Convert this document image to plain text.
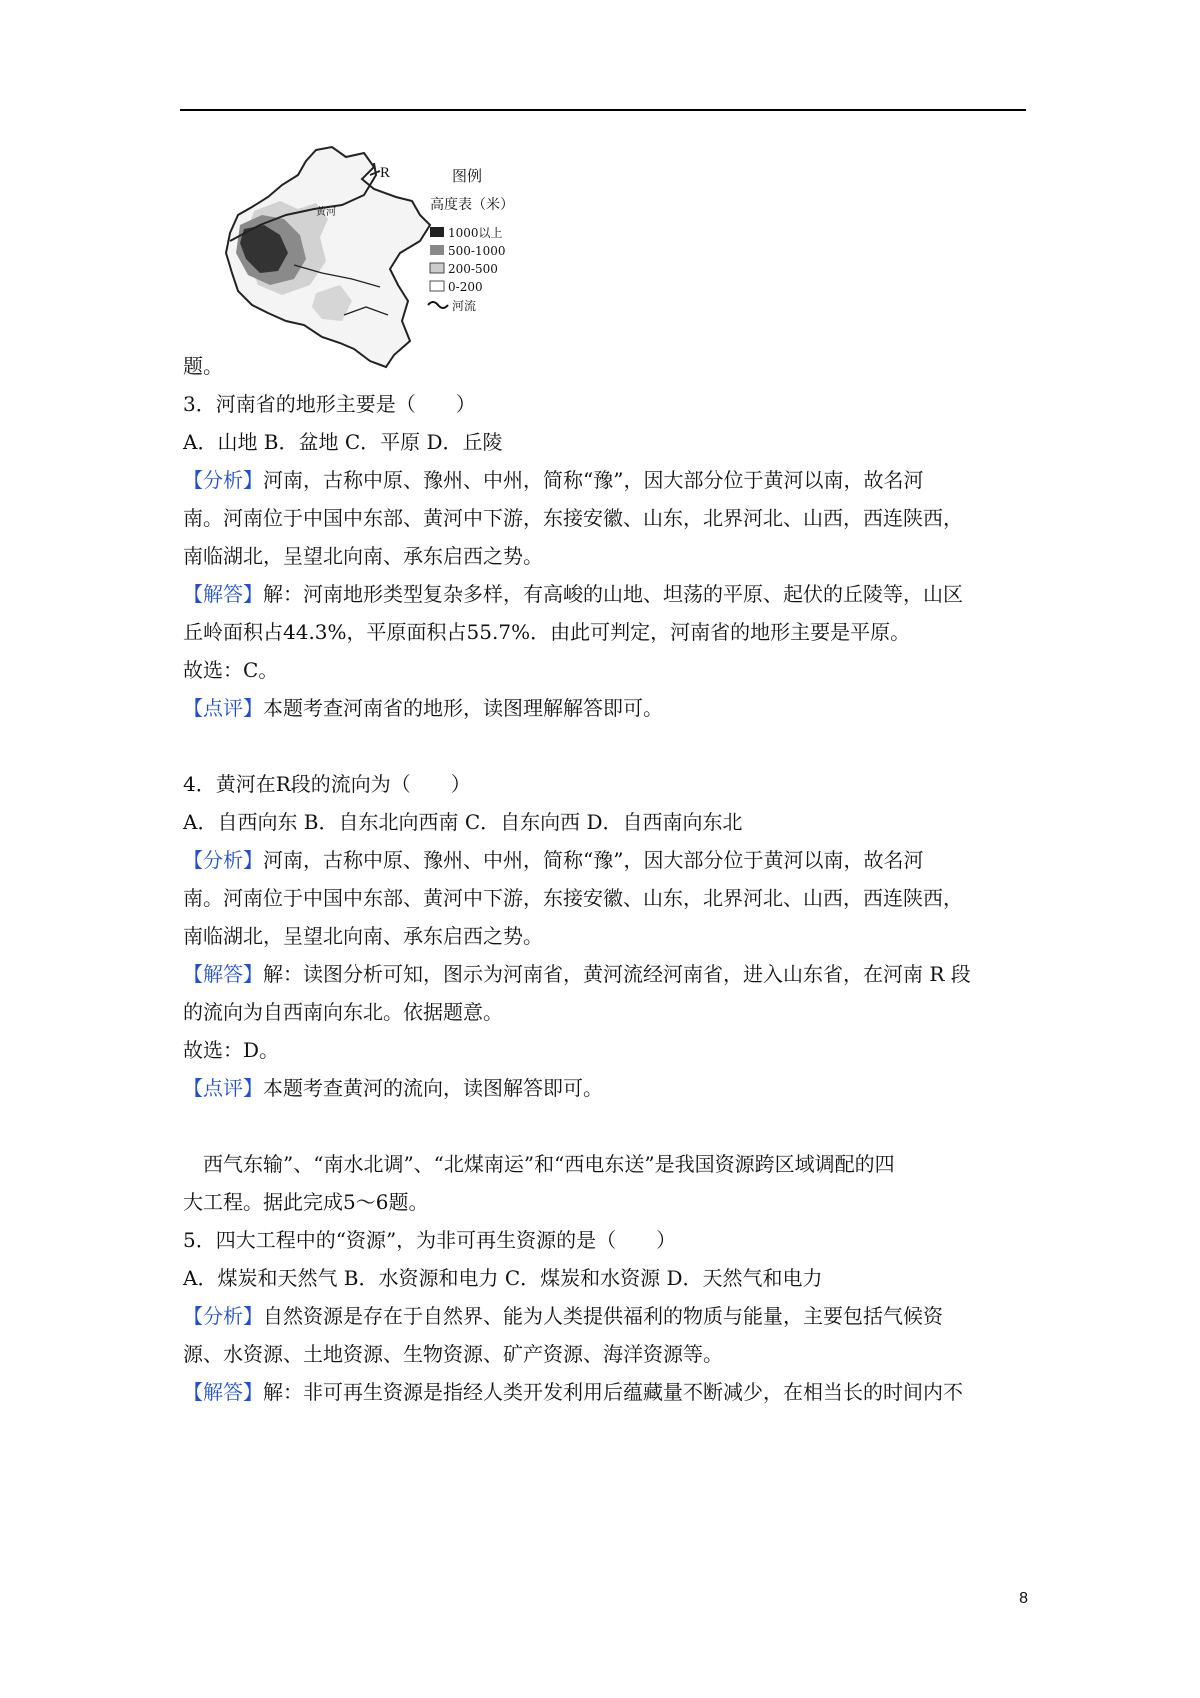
R
黄河
图例
高度表（米）
1000以上
500-1000
200-500
0-200
河流
题。
3．河南省的地形主要是（　　）
A．山地 B．盆地 C．平原 D．丘陵
【分析】河南，古称中原、豫州、中州，简称“豫”，因大部分位于黄河以南，故名河
南。河南位于中国中东部、黄河中下游，东接安徽、山东，北界河北、山西，西连陕西，
南临湖北，呈望北向南、承东启西之势。
【解答】解：河南地形类型复杂多样，有高峻的山地、坦荡的平原、起伏的丘陵等，山区
丘岭面积占44.3%，平原面积占55.7%．由此可判定，河南省的地形主要是平原。
故选：C。
【点评】本题考查河南省的地形，读图理解解答即可。
4．黄河在R段的流向为（　　）
A．自西向东 B．自东北向西南 C．自东向西 D．自西南向东北
【分析】河南，古称中原、豫州、中州，简称“豫”，因大部分位于黄河以南，故名河
南。河南位于中国中东部、黄河中下游，东接安徽、山东，北界河北、山西，西连陕西，
南临湖北，呈望北向南、承东启西之势。
【解答】解：读图分析可知，图示为河南省，黄河流经河南省，进入山东省，在河南 R 段
的流向为自西南向东北。依据题意。
故选：D。
【点评】本题考查黄河的流向，读图解答即可。
西气东输”、“南水北调”、“北煤南运”和“西电东送”是我国资源跨区域调配的四
大工程。据此完成5～6题。
5．四大工程中的“资源”，为非可再生资源的是（　　）
A．煤炭和天然气 B．水资源和电力 C．煤炭和水资源 D．天然气和电力
【分析】自然资源是存在于自然界、能为人类提供福利的物质与能量，主要包括气候资
源、水资源、土地资源、生物资源、矿产资源、海洋资源等。
【解答】解：非可再生资源是指经人类开发利用后蕴藏量不断减少，在相当长的时间内不
8
